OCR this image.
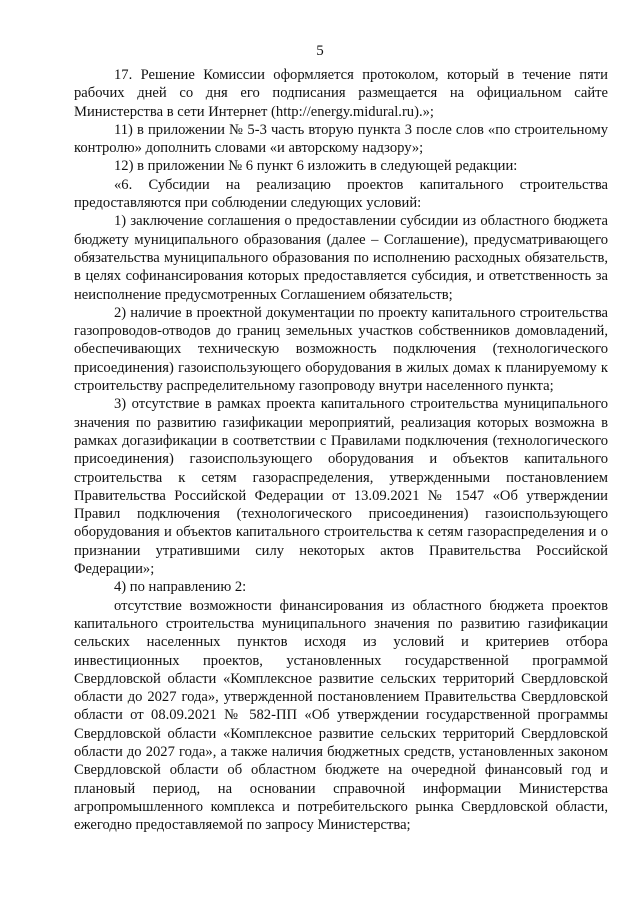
5

17. Решение Комиссии оформляется протоколом, который в течение пяти рабочих дней со дня его подписания размещается на официальном сайте Министерства в сети Интернет (http://energy.midural.ru).»;

11) в приложении № 5-3 часть вторую пункта 3 после слов «по строительному контролю» дополнить словами «и авторскому надзору»;

12) в приложении № 6 пункт 6 изложить в следующей редакции:

«6. Субсидии на реализацию проектов капитального строительства предоставляются при соблюдении следующих условий:

1) заключение соглашения о предоставлении субсидии из областного бюджета бюджету муниципального образования (далее – Соглашение), предусматривающего обязательства муниципального образования по исполнению расходных обязательств, в целях софинансирования которых предоставляется субсидия, и ответственность за неисполнение предусмотренных Соглашением обязательств;

2) наличие в проектной документации по проекту капитального строительства газопроводов-отводов до границ земельных участков собственников домовладений, обеспечивающих техническую возможность подключения (технологического присоединения) газоиспользующего оборудования в жилых домах к планируемому к строительству распределительному газопроводу внутри населенного пункта;

3) отсутствие в рамках проекта капитального строительства муниципального значения по развитию газификации мероприятий, реализация которых возможна в рамках догазификации в соответствии с Правилами подключения (технологического присоединения) газоиспользующего оборудования и объектов капитального строительства к сетям газораспределения, утвержденными постановлением Правительства Российской Федерации от 13.09.2021 № 1547 «Об утверждении Правил подключения (технологического присоединения) газоиспользующего оборудования и объектов капитального строительства к сетям газораспределения и о признании утратившими силу некоторых актов Правительства Российской Федерации»;

4) по направлению 2:

отсутствие возможности финансирования из областного бюджета проектов капитального строительства муниципального значения по развитию газификации сельских населенных пунктов исходя из условий и критериев отбора инвестиционных проектов, установленных государственной программой Свердловской области «Комплексное развитие сельских территорий Свердловской области до 2027 года», утвержденной постановлением Правительства Свердловской области от 08.09.2021 № 582-ПП «Об утверждении государственной программы Свердловской области «Комплексное развитие сельских территорий Свердловской области до 2027 года», а также наличия бюджетных средств, установленных законом Свердловской области об областном бюджете на очередной финансовый год и плановый период, на основании справочной информации Министерства агропромышленного комплекса и потребительского рынка Свердловской области, ежегодно предоставляемой по запросу Министерства;
